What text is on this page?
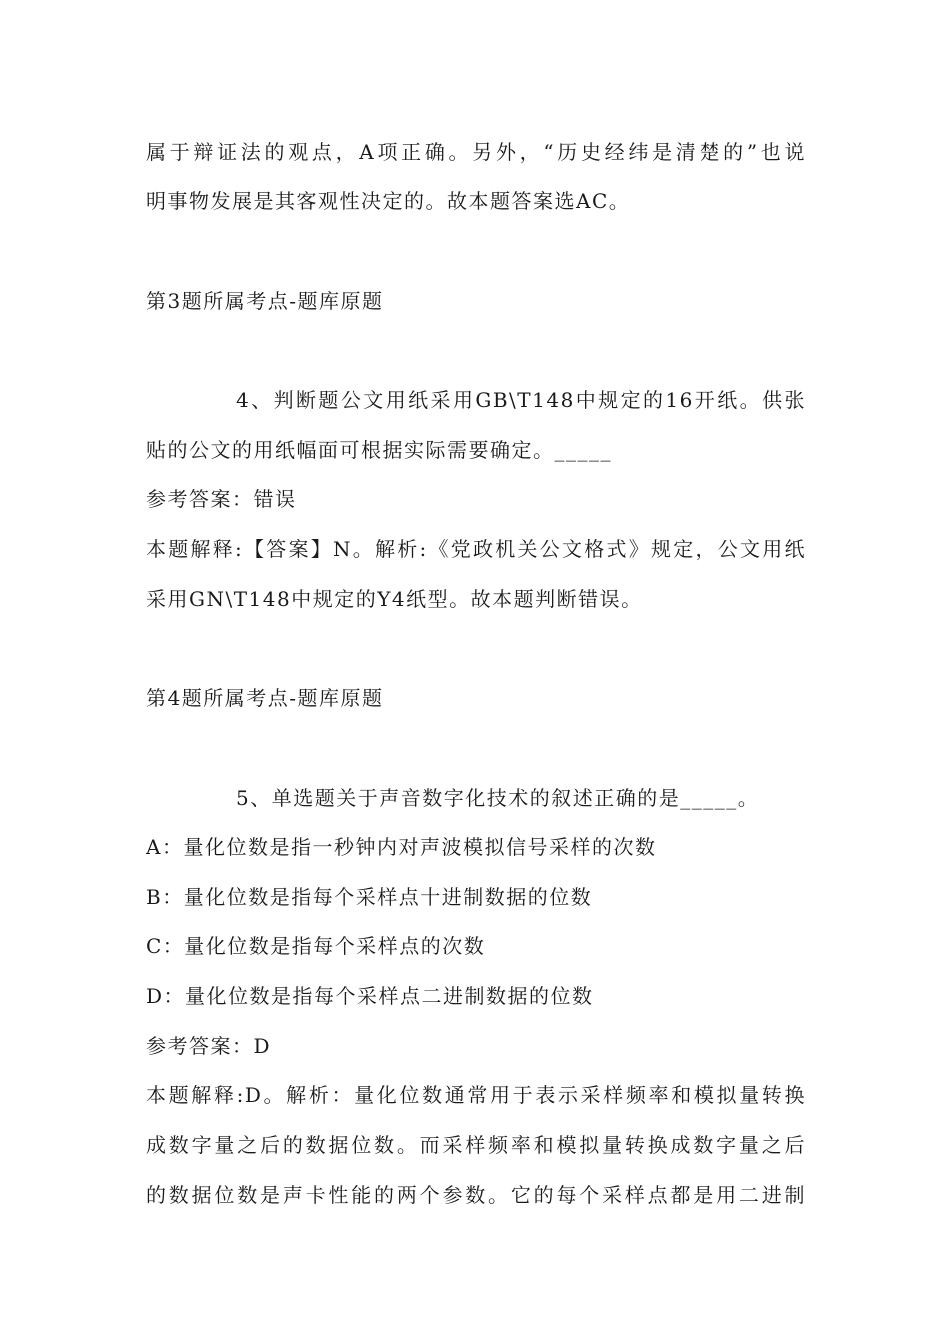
属于辩证法的观点，A项正确。另外，“历史经纬是清楚的”也说
明事物发展是其客观性决定的。故本题答案选AC。
第3题所属考点-题库原题
4、判断题公文用纸采用GB\T148中规定的16开纸。供张
贴的公文的用纸幅面可根据实际需要确定。_____
参考答案：错误
本题解释:【答案】N。解析:《党政机关公文格式》规定，公文用纸
采用GN\T148中规定的Y4纸型。故本题判断错误。
第4题所属考点-题库原题
5、单选题关于声音数字化技术的叙述正确的是_____。
A：量化位数是指一秒钟内对声波模拟信号采样的次数
B：量化位数是指每个采样点十进制数据的位数
C：量化位数是指每个采样点的次数
D：量化位数是指每个采样点二进制数据的位数
参考答案：D
本题解释:D。解析：量化位数通常用于表示采样频率和模拟量转换
成数字量之后的数据位数。而采样频率和模拟量转换成数字量之后
的数据位数是声卡性能的两个参数。它的每个采样点都是用二进制
